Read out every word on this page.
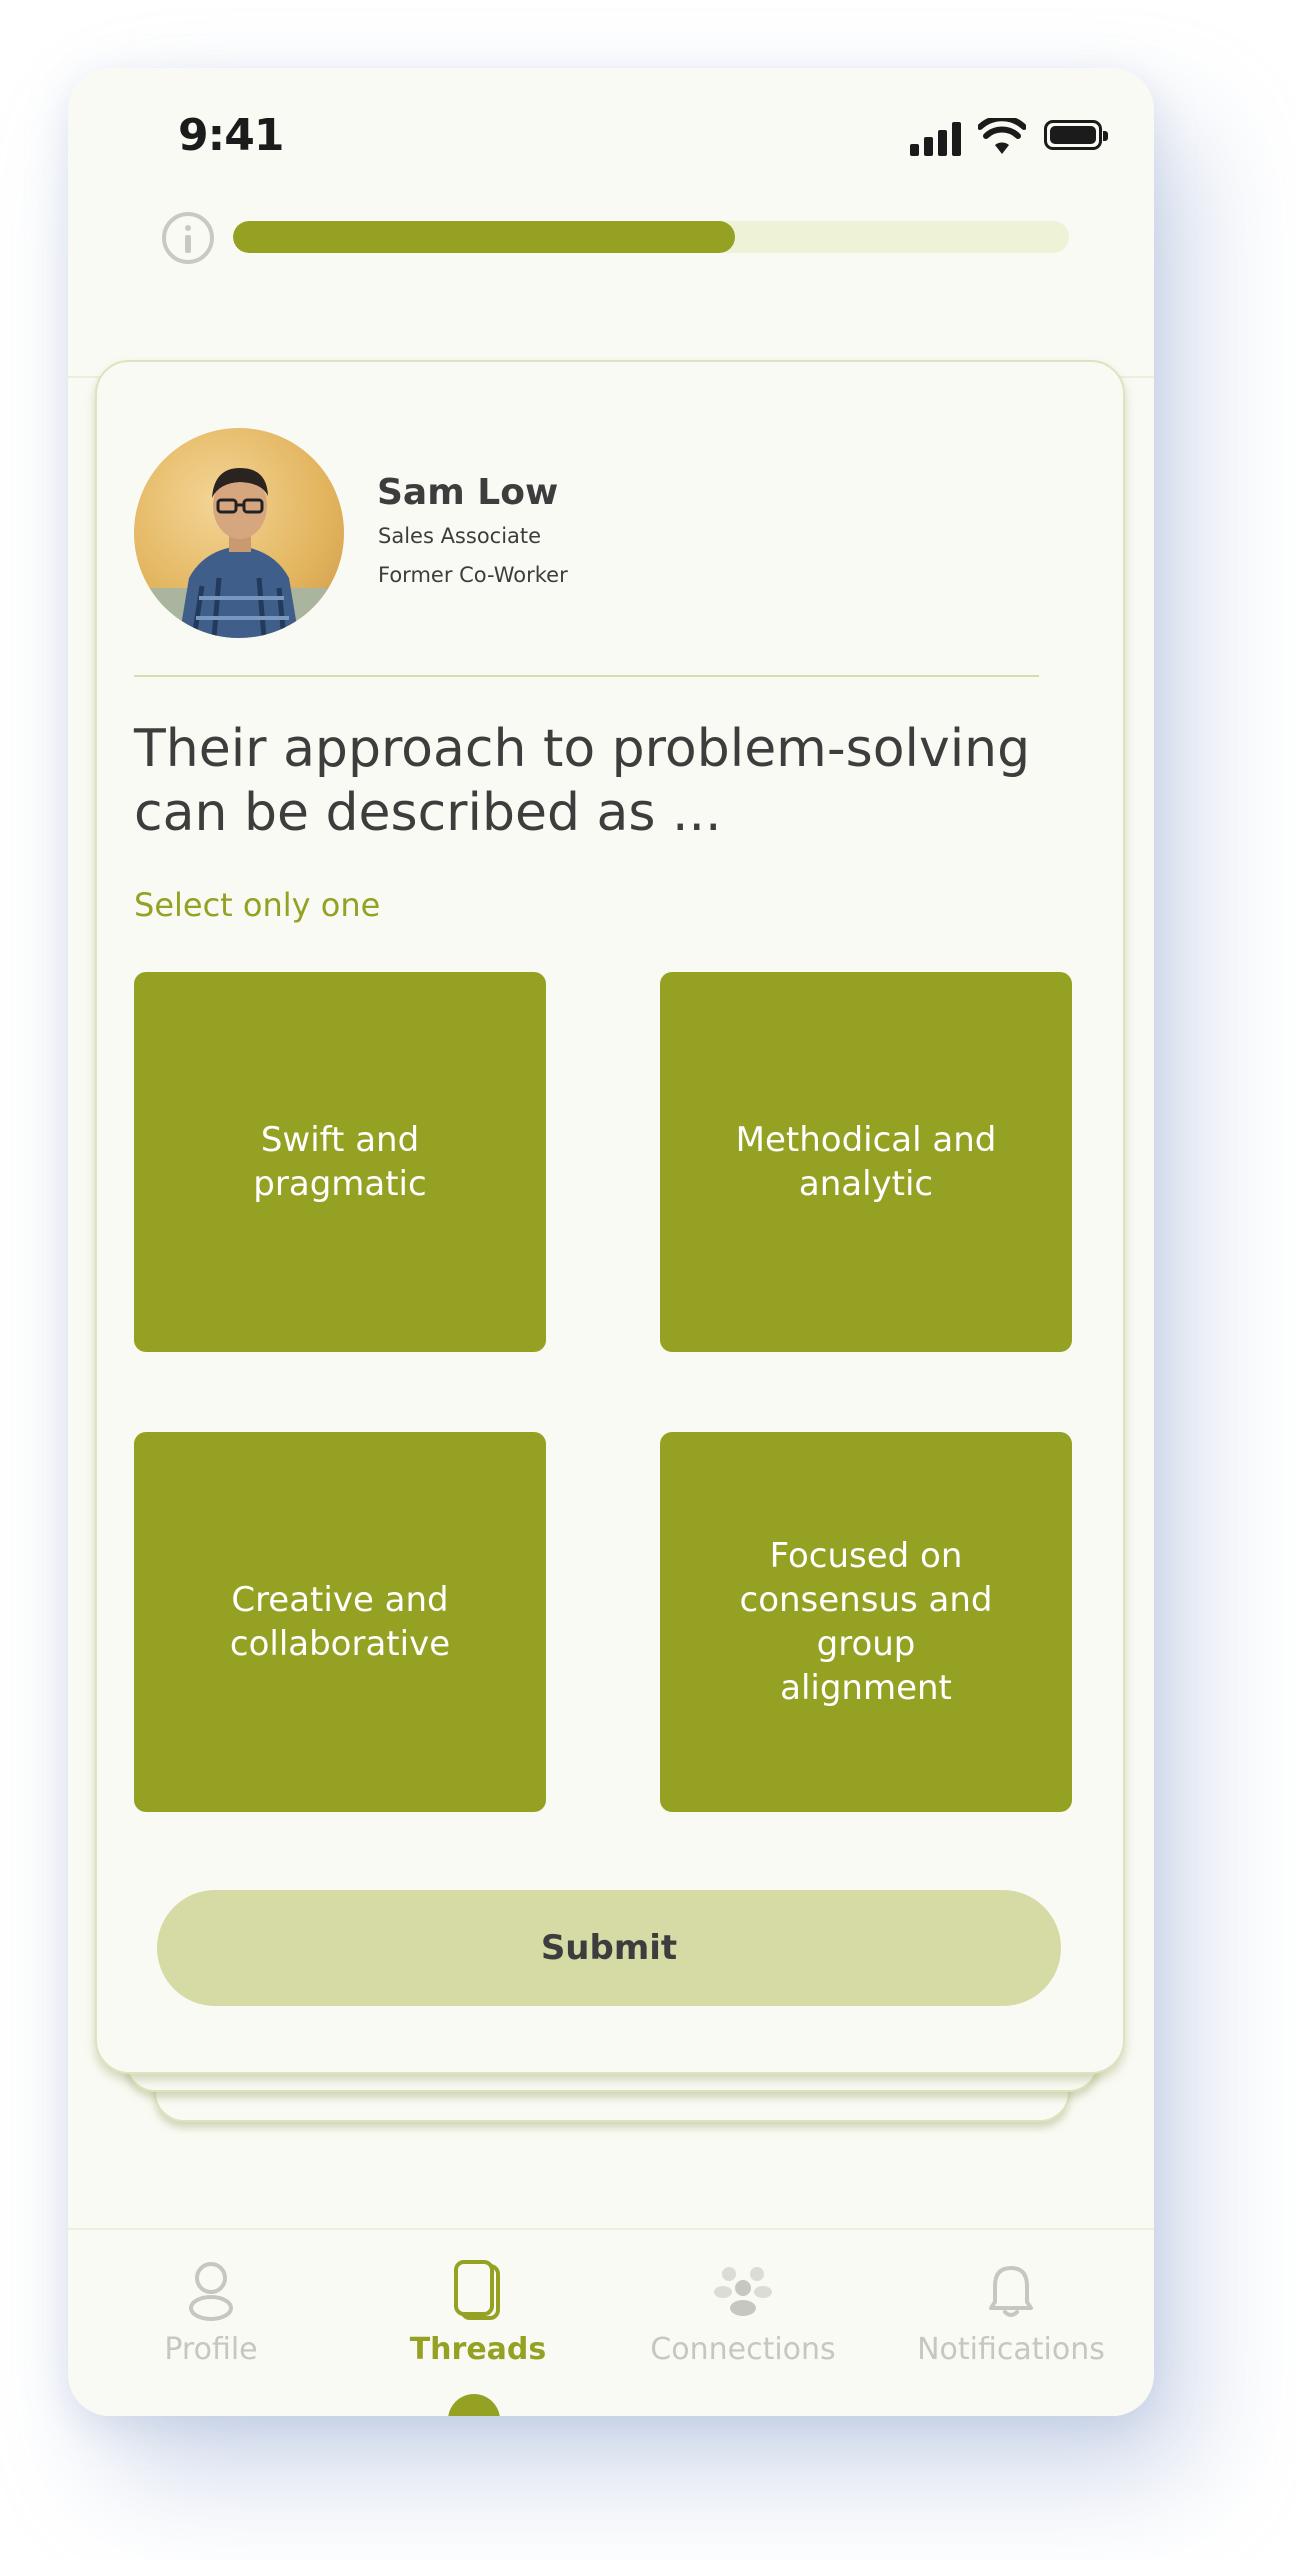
9:41
Sam Low
Sales Associate
Former Co-Worker
Their approach to problem-solving can be described as ...
Select only one
Swift and pragmatic
Methodical and analytic
Creative and collaborative
Focused on consensus and group alignment
Submit
Profile	Threads	Connections	Notifications
